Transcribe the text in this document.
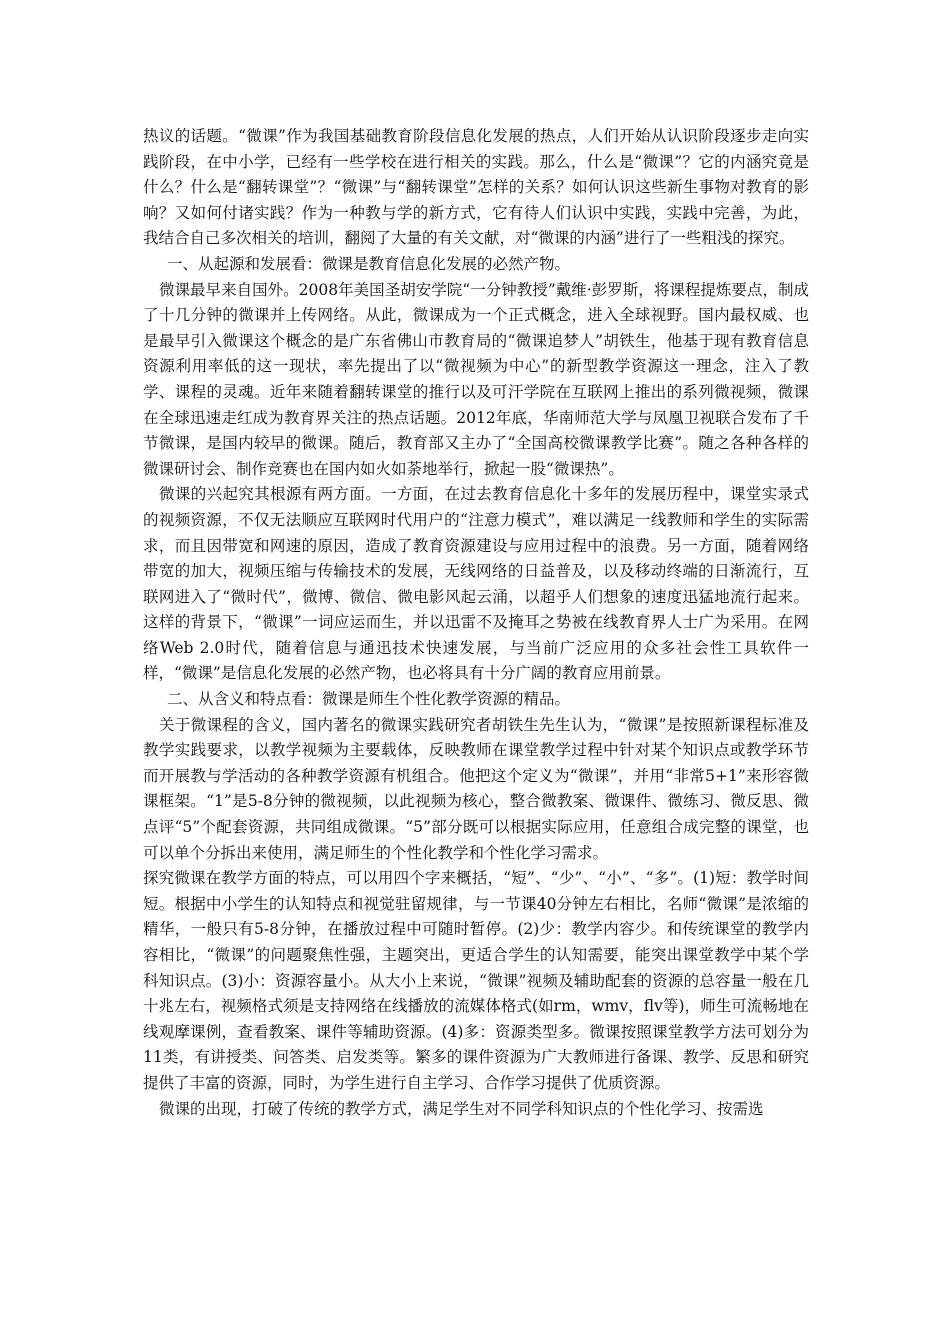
热议的话题。“微课”作为我国基础教育阶段信息化发展的热点，人们开始从认识阶段逐步走向实践阶段，在中小学，已经有一些学校在进行相关的实践。那么，什么是“微课”？它的内涵究竟是什么？什么是“翻转课堂”？“微课”与“翻转课堂”怎样的关系？如何认识这些新生事物对教育的影响？又如何付诸实践？作为一种教与学的新方式，它有待人们认识中实践，实践中完善，为此，我结合自己多次相关的培训，翻阅了大量的有关文献，对“微课的内涵”进行了一些粗浅的探究。

一、从起源和发展看：微课是教育信息化发展的必然产物。

微课最早来自国外。2008年美国圣胡安学院“一分钟教授”戴维·彭罗斯，将课程提炼要点，制成了十几分钟的微课并上传网络。从此，微课成为一个正式概念，进入全球视野。国内最权威、也是最早引入微课这个概念的是广东省佛山市教育局的“微课追梦人”胡铁生，他基于现有教育信息资源利用率低的这一现状，率先提出了以“微视频为中心”的新型教学资源这一理念，注入了教学、课程的灵魂。近年来随着翻转课堂的推行以及可汗学院在互联网上推出的系列微视频，微课在全球迅速走红成为教育界关注的热点话题。2012年底，华南师范大学与凤凰卫视联合发布了千节微课，是国内较早的微课。随后，教育部又主办了“全国高校微课教学比赛”。随之各种各样的微课研讨会、制作竞赛也在国内如火如荼地举行，掀起一股“微课热”。

微课的兴起究其根源有两方面。一方面，在过去教育信息化十多年的发展历程中，课堂实录式的视频资源，不仅无法顺应互联网时代用户的“注意力模式”，难以满足一线教师和学生的实际需求，而且因带宽和网速的原因，造成了教育资源建设与应用过程中的浪费。另一方面，随着网络带宽的加大，视频压缩与传输技术的发展，无线网络的日益普及，以及移动终端的日渐流行，互联网进入了“微时代”，微博、微信、微电影风起云涌，以超乎人们想象的速度迅猛地流行起来。这样的背景下，“微课”一词应运而生，并以迅雷不及掩耳之势被在线教育界人士广为采用。在网络Web 2.0时代，随着信息与通迅技术快速发展，与当前广泛应用的众多社会性工具软件一样，“微课”是信息化发展的必然产物，也必将具有十分广阔的教育应用前景。

二、从含义和特点看：微课是师生个性化教学资源的精品。

关于微课程的含义，国内著名的微课实践研究者胡铁生先生认为，“微课”是按照新课程标准及教学实践要求，以教学视频为主要载体，反映教师在课堂教学过程中针对某个知识点或教学环节而开展教与学活动的各种教学资源有机组合。他把这个定义为“微课”，并用“非常5+1”来形容微课框架。“1”是5-8分钟的微视频，以此视频为核心，整合微教案、微课件、微练习、微反思、微点评“5”个配套资源，共同组成微课。“5”部分既可以根据实际应用，任意组合成完整的课堂，也可以单个分拆出来使用，满足师生的个性化教学和个性化学习需求。

探究微课在教学方面的特点，可以用四个字来概括，“短”、“少”、“小”、“多”。(1)短：教学时间短。根据中小学生的认知特点和视觉驻留规律，与一节课40分钟左右相比，名师“微课”是浓缩的精华，一般只有5-8分钟，在播放过程中可随时暂停。(2)少：教学内容少。和传统课堂的教学内容相比，“微课”的问题聚焦性强，主题突出，更适合学生的认知需要，能突出课堂教学中某个学科知识点。(3)小：资源容量小。从大小上来说，“微课”视频及辅助配套的资源的总容量一般在几十兆左右，视频格式须是支持网络在线播放的流媒体格式(如rm，wmv，flv等)，师生可流畅地在线观摩课例，查看教案、课件等辅助资源。(4)多：资源类型多。微课按照课堂教学方法可划分为11类，有讲授类、问答类、启发类等。繁多的课件资源为广大教师进行备课、教学、反思和研究提供了丰富的资源，同时，为学生进行自主学习、合作学习提供了优质资源。

微课的出现，打破了传统的教学方式，满足学生对不同学科知识点的个性化学习、按需选
